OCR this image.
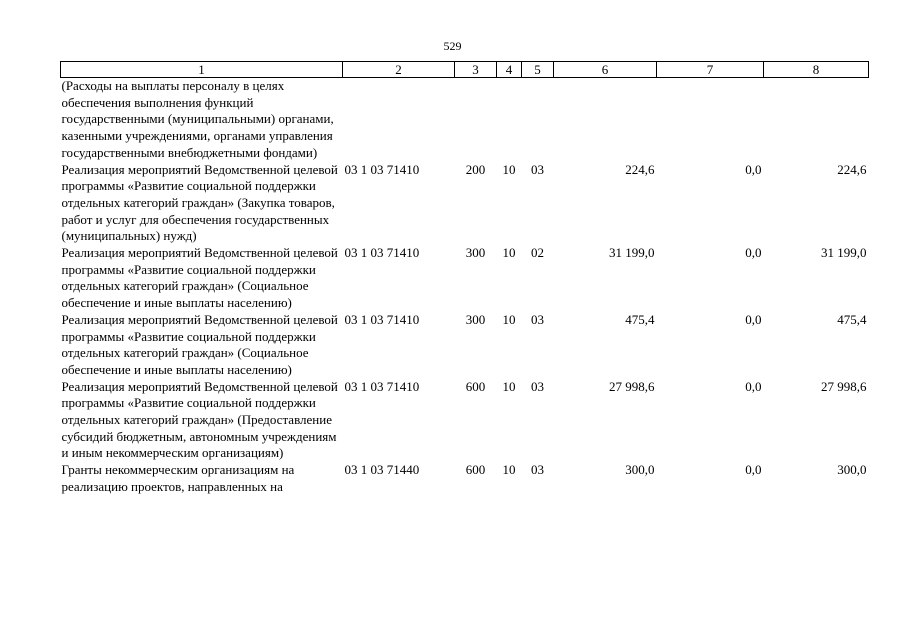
529
1	2	3	4	5	6	7	8
(Расходы на выплаты персоналу в целях обеспечения выполнения функций государственными (муниципальными) органами, казенными учреждениями, органами управления государственными внебюджетными фондами)							
Реализация мероприятий Ведомственной целевой программы «Развитие социальной поддержки отдельных категорий граждан» (Закупка товаров, работ и услуг для обеспечения государственных (муниципальных) нужд)	03 1 03 71410	200	10	03	224,6	0,0	224,6
Реализация мероприятий Ведомственной целевой программы «Развитие социальной поддержки отдельных категорий граждан» (Социальное обеспечение и иные выплаты населению)	03 1 03 71410	300	10	02	31 199,0	0,0	31 199,0
Реализация мероприятий Ведомственной целевой программы «Развитие социальной поддержки отдельных категорий граждан» (Социальное обеспечение и иные выплаты населению)	03 1 03 71410	300	10	03	475,4	0,0	475,4
Реализация мероприятий Ведомственной целевой программы «Развитие социальной поддержки отдельных категорий граждан» (Предоставление субсидий бюджетным, автономным учреждениям и иным некоммерческим организациям)	03 1 03 71410	600	10	03	27 998,6	0,0	27 998,6
Гранты некоммерческим организациям на реализацию проектов, направленных на	03 1 03 71440	600	10	03	300,0	0,0	300,0
